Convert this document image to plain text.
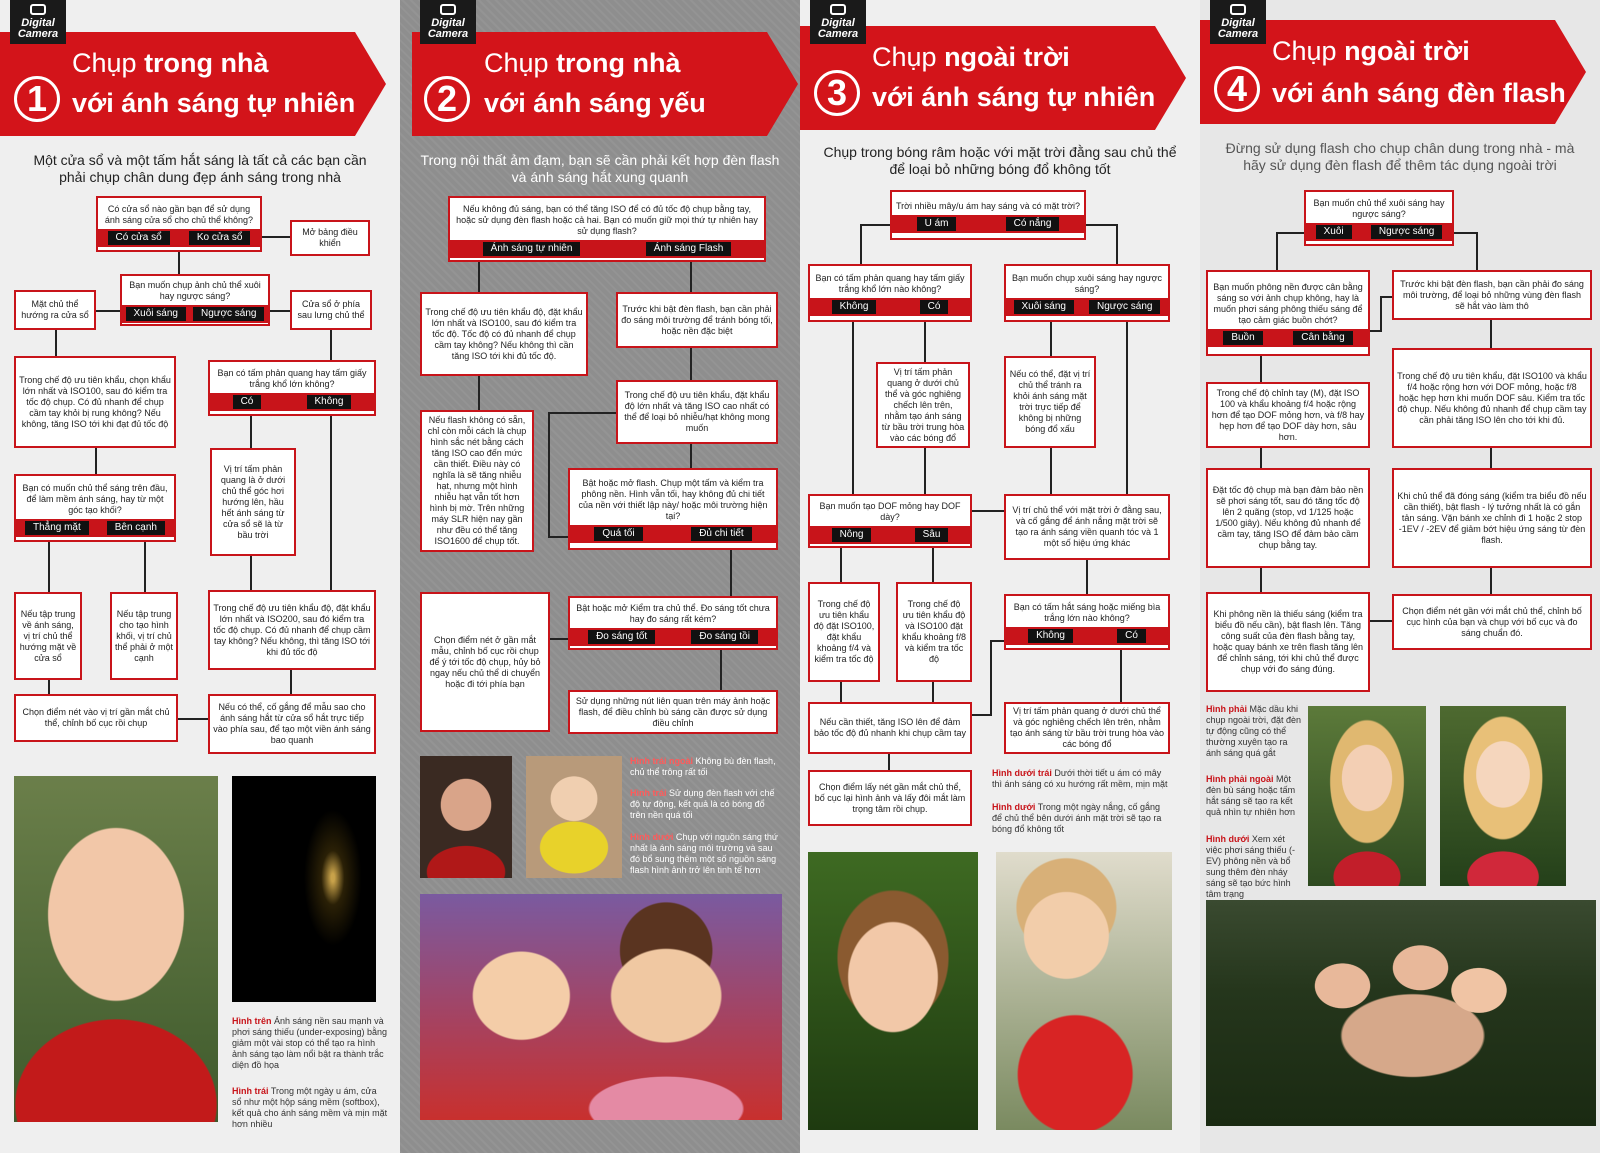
Digital
Camera
1
Chụp trong nhà
với ánh sáng tự nhiên
Một cửa sổ và một tấm hắt sáng là tất cả các bạn cần phải chụp chân dung đẹp ánh sáng trong nhà
Có cửa sổ nào gần bạn để sử dụng ánh sáng cửa sổ cho chủ thể không?
Có cửa sổ	Ko cửa sổ	Mở bảng điều khiển
Bạn muốn chụp ảnh chủ thể xuôi hay ngược sáng?
Xuôi sáng	Ngược sáng
Mặt chủ thể hướng ra cửa sổ
Cửa sổ ở phía sau lưng chủ thể
Trong chế độ ưu tiên khẩu, chọn khẩu lớn nhất và ISO100, sau đó kiểm tra tốc độ chụp. Có đủ nhanh để chụp cầm tay khỏi bị rung không? Nếu không, tăng ISO tới khi đạt đủ tốc độ
Bạn có tấm phản quang hay tấm giấy trắng khổ lớn không?
Có	Không
Bạn có muốn chủ thể sáng trên đầu, để làm mềm ánh sáng, hay từ một góc tạo khối?
Thẳng mặt	Bên cạnh
Vị trí tấm phản quang là ở dưới chủ thể góc hơi hướng lên, hầu hết ánh sáng từ cửa sổ sẽ là từ bầu trời
Nếu tập trung về ánh sáng, vị trí chủ thể hướng mặt về cửa sổ
Nếu tập trung cho tạo hình khối, vị trí chủ thể phải ở một cạnh
Trong chế độ ưu tiên khẩu độ, đặt khẩu lớn nhất và ISO200, sau đó kiểm tra tốc độ chụp. Có đủ nhanh để chụp cầm tay không? Nếu không, thì tăng ISO tới khi đủ tốc độ
Chọn điểm nét vào vị trí gần mắt chủ thể, chỉnh bố cục rồi chụp
Nếu có thể, cố gắng để mẫu sao cho ánh sáng hắt từ cửa sổ hắt trực tiếp vào phía sau, để tạo một viền ánh sáng bao quanh
Hình trên Ánh sáng nền sau mạnh và phơi sáng thiếu (under-exposing) bằng giảm một vài stop có thể tạo ra hình ảnh sáng tạo làm nổi bật ra thành trắc diện đồ họa
Hình trái Trong một ngày u ám, cửa sổ như một hộp sáng mềm (softbox), kết quả cho ánh sáng mềm và mịn mặt hơn nhiều
Digital
Camera
2
Chụp trong nhà
với ánh sáng yếu
Trong nội thất ảm đạm, bạn sẽ cần phải kết hợp đèn flash và ánh sáng hắt xung quanh
Nếu không đủ sáng, bạn có thể tăng ISO để có đủ tốc độ chụp bằng tay, hoặc sử dụng đèn flash hoặc cả hai. Bạn có muốn giữ mọi thứ tự nhiên hay sử dụng flash?
Ánh sáng tự nhiên	Ánh sáng Flash
Trong chế độ ưu tiên khẩu độ, đặt khẩu lớn nhất và ISO100, sau đó kiểm tra tốc độ. Tốc độ có đủ nhanh để chụp cầm tay không? Nếu không thì cần tăng ISO tới khi đủ tốc độ.
Trước khi bật đèn flash, bạn cần phải đo sáng môi trường để tránh bóng tối, hoặc nền đặc biệt
Nếu flash không có sẵn, chỉ còn mỗi cách là chụp hình sắc nét bằng cách tăng ISO cao đến mức cần thiết. Điều này có nghĩa là sẽ tăng nhiễu hạt, nhưng một hình nhiễu hạt vẫn tốt hơn hình bị mờ. Trên những máy SLR hiện nay gần như đều có thể tăng ISO1600 để chụp tốt.
Trong chế độ ưu tiên khẩu, đặt khẩu độ lớn nhất và tăng ISO cao nhất có thể để loại bỏ nhiễu/hạt không mong muốn
Bật hoặc mở flash. Chụp một tấm và kiểm tra phông nền. Hình vẫn tối, hay không đủ chi tiết của nền với thiết lập này/ hoặc môi trường hiện tại?
Quá tối	Đủ chi tiết
Chọn điểm nét ở gần mắt mẫu, chỉnh bố cục rồi chụp để ý tới tốc độ chụp, hủy bỏ ngay nếu chủ thể di chuyển hoặc đi tới phía bạn
Bật hoặc mở Kiểm tra chủ thể. Đo sáng tốt chưa hay đo sáng rất kém?
Đo sáng tốt	Đo sáng tồi
Sử dụng những nút liên quan trên máy ảnh hoặc flash, để điều chỉnh bù sáng cần được sử dụng điều chỉnh
Hình trái ngoài Không bù đèn flash, chủ thể trông rất tối
Hình trái Sử dụng đèn flash với chế độ tự động, kết quả là có bóng đổ trên nền quá tối
Hình dưới Chụp với nguồn sáng thứ nhất là ánh sáng môi trường và sau đó bổ sung thêm một số nguồn sáng flash hình ảnh trở lên tinh tế hơn
Digital
Camera
3
Chụp ngoài trời
với ánh sáng tự nhiên
Chụp trong bóng râm hoặc với mặt trời đằng sau chủ thể để loại bỏ những bóng đổ không tốt
Trời nhiều mây/u ám hay sáng và có mặt trời?
U ám	Có nắng
Bạn có tấm phản quang hay tấm giấy trắng khổ lớn nào không?
Không	Có
Bạn muốn chụp xuôi sáng hay ngược sáng?
Xuôi sáng	Ngược sáng
Vị trí tấm phản quang ở dưới chủ thể và góc nghiêng chếch lên trên, nhằm tạo ánh sáng từ bầu trời trung hòa vào các bóng đổ
Nếu có thể, đặt vị trí chủ thể tránh ra khỏi ánh sáng mặt trời trực tiếp để không bị những bóng đổ xấu
Bạn muốn tạo DOF mỏng hay DOF dày?
Nông	Sâu
Vị trí chủ thể với mặt trời ở đằng sau, và cố gắng để ánh nắng mặt trời sẽ tạo ra ánh sáng viền quanh tóc và 1 một số hiệu ứng khác
Trong chế độ ưu tiên khẩu độ đặt ISO100, đặt khẩu khoảng f/4 và kiểm tra tốc độ
Trong chế độ ưu tiên khẩu độ và ISO100 đặt khẩu khoảng f/8 và kiểm tra tốc độ
Bạn có tấm hắt sáng hoặc miếng bìa trắng lớn nào không?
Không	Có
Nếu cần thiết, tăng ISO lên để đảm bảo tốc độ đủ nhanh khi chụp cầm tay
Vị trí tấm phản quang ở dưới chủ thể và góc nghiêng chếch lên trên, nhằm tạo ánh sáng từ bầu trời trung hòa vào các bóng đổ
Chọn điểm lấy nét gần mắt chủ thể, bố cục lại hình ảnh và lấy đôi mắt làm trọng tâm rồi chụp.
Hình dưới trái Dưới thời tiết u ám có mây thì ánh sáng có xu hướng rất mềm, mịn mặt
Hình dưới Trong một ngày nắng, cố gắng để chủ thể bên dưới ánh mặt trời sẽ tạo ra bóng đổ không tốt
Digital
Camera
4
Chụp ngoài trời
với ánh sáng đèn flash
Đừng sử dụng flash cho chụp chân dung trong nhà - mà hãy sử dụng đèn flash để thêm tác dụng ngoài trời
Bạn muốn chủ thể xuôi sáng hay ngược sáng?
Xuôi	Ngược sáng
Bạn muốn phông nền được cân bằng sáng so với ảnh chụp không, hay là muốn phơi sáng phông thiếu sáng để tạo cảm giác buồn chớt?
Buồn	Cân bằng
Trước khi bật đèn flash, bạn cần phải đo sáng môi trường, để loại bỏ những vùng đèn flash sẽ hắt vào làm thô
Trong chế độ chỉnh tay (M), đặt ISO 100 và khẩu khoảng f/4 hoặc rộng hơn để tạo DOF mỏng hơn, và f/8 hay hẹp hơn để tạo DOF dày hơn, sâu hơn.
Trong chế độ ưu tiên khẩu, đặt ISO100 và khẩu f/4 hoặc rộng hơn với DOF mỏng, hoặc f/8 hoặc hẹp hơn khi muốn DOF sâu. Kiểm tra tốc độ chụp. Nếu không đủ nhanh để chụp cầm tay cần phải tăng ISO lên cho tới khi đủ.
Đặt tốc độ chụp mà bạn đảm bảo nền sẽ phơi sáng tốt, sau đó tăng tốc độ lên 2 quãng (stop, vd 1/125 hoặc 1/500 giây). Nếu không đủ nhanh để cầm tay, tăng ISO để đảm bảo cầm chụp bằng tay.
Khi chủ thể đã đóng sáng (kiểm tra biểu đồ nếu cần thiết), bật flash - lý tưởng nhất là có gắn tản sáng. Vặn bánh xe chỉnh đi 1 hoặc 2 stop -1EV / -2EV để giảm bớt hiệu ứng sáng từ đèn flash.
Khi phông nền là thiếu sáng (kiểm tra biểu đồ nếu cần), bật flash lên. Tăng công suất của đèn flash bằng tay, hoặc quay bánh xe trên flash tăng lên để chỉnh sáng, tới khi chủ thể được chụp với đo sáng đúng.
Chọn điểm nét gần với mắt chủ thể, chỉnh bố cục hình của bạn và chụp với bố cục và đo sáng chuẩn đó.
Hình phải Mặc dầu khi chụp ngoài trời, đặt đèn tự động cũng có thể thường xuyên tạo ra ánh sáng quá gắt
Hình phải ngoài Một đèn bù sáng hoặc tấm hắt sáng sẽ tạo ra kết quả nhìn tự nhiên hơn
Hình dưới Xem xét việc phơi sáng thiếu (-EV) phông nền và bổ sung thêm đèn nháy sáng sẽ tạo bức hình tâm trạng
